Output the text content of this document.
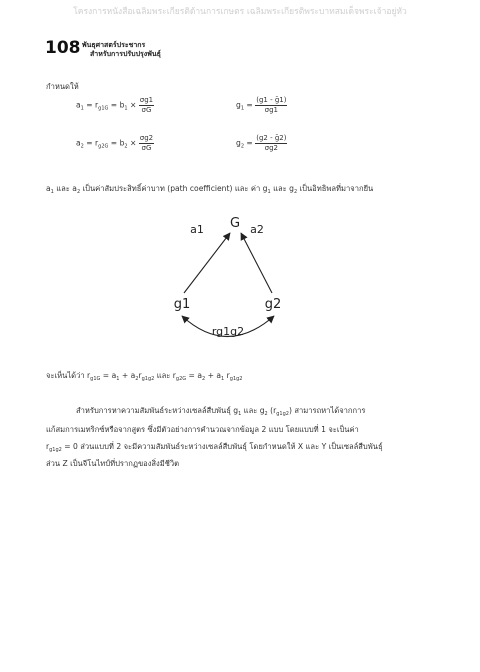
โครงการหนังสือเฉลิมพระเกียรติด้านการเกษตร เฉลิมพระเกียรติพระบาทสมเด็จพระเจ้าอยู่หัว
108 พันธุศาสตร์ประชากร
สำหรับการปรับปรุงพันธุ์
กำหนดให้
$a_1 = r_{g1G} = b_1 \times \frac{\sigma g1}{\sigma G}$	$g_1 = \frac{\text{(g1 - ḡ1)}}{\sigma g1}$
$a_2 = r_{g2G} = b_2 \times \frac{\sigma g2}{\sigma G}$	$g_2 = \frac{\text{(g2 - ḡ2)}}{\sigma g2}$
$a_1$ และ $a_2$ เป็นค่าสัมประสิทธิ์ค่าบาท (path coefficient) และ ค่า $g_1$ และ $g_2$ เป็นอิทธิพลที่มาจากยีน
G
a1	a2
g1	g2
rg1g2
จะเห็นได้ว่า $r_{g1G} = a_1 + a_2r_{g1g2}$ และ $r_{g2G} = a_2 + a_1$ $r_{g1g2}$
สำหรับการหาความสัมพันธ์ระหว่างเซลล์สืบพันธุ์ $g_1$ และ $g_2$ $(r_{g1g2})$ สามารถหาได้จากการ
แก้สมการเมทริกซ์หรือจากสูตร ซึ่งมีตัวอย่างการคำนวณจากข้อมูล 2 แบบ โดยแบบที่ 1 จะเป็นค่า
$r_{g1g2} = 0$ ส่วนแบบที่ 2 จะมีความสัมพันธ์ระหว่างเซลล์สืบพันธุ์ โดยกำหนดให้ X และ Y เป็นเซลล์สืบพันธุ์
ส่วน Z เป็นจีโนไทป์ที่ปรากฏของสิ่งมีชีวิต
